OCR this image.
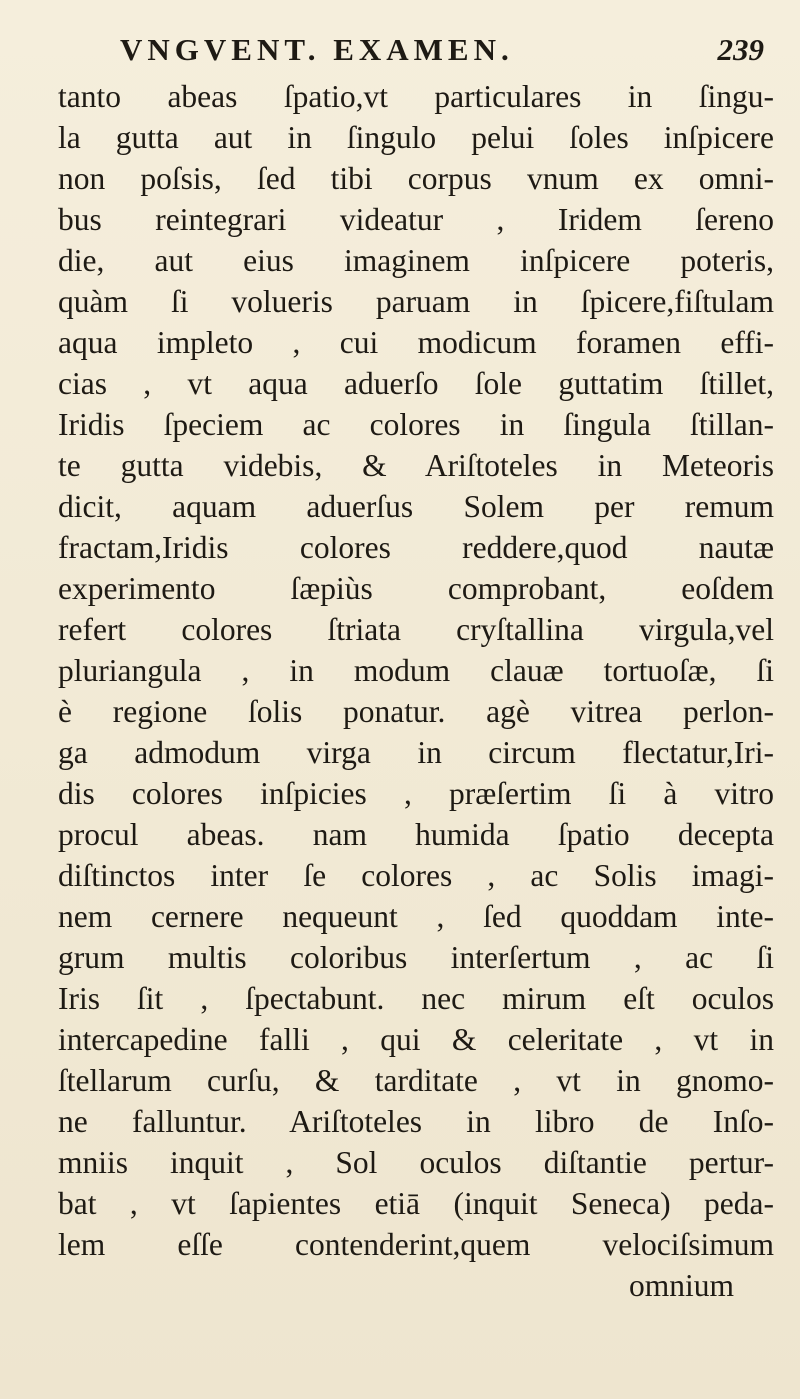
VNGVENT. EXAMEN.	239
tanto abeas ſpatio,vt particulares in ſingu-
la gutta aut in ſingulo pelui ſoles inſpicere
non poſsis, ſed tibi corpus vnum ex omni-
bus reintegrari videatur , Iridem ſereno
die, aut eius imaginem inſpicere poteris,
quàm ſi volueris paruam in ſpicere,fiſtulam
aqua impleto , cui modicum foramen effi-
cias , vt aqua aduerſo ſole guttatim ſtillet,
Iridis ſpeciem ac colores in ſingula ſtillan-
te gutta videbis, & Ariſtoteles in Meteoris
dicit, aquam aduerſus Solem per remum
fractam,Iridis colores reddere,quod nautæ
experimento ſæpiùs comprobant, eoſdem
refert colores ſtriata cryſtallina virgula,vel
pluriangula , in modum clauæ tortuoſæ, ſi
è regione ſolis ponatur. agè vitrea perlon-
ga admodum virga in circum flectatur,Iri-
dis colores inſpicies , præſertim ſi à vitro
procul abeas. nam humida ſpatio decepta
diſtinctos inter ſe colores , ac Solis imagi-
nem cernere nequeunt , ſed quoddam inte-
grum multis coloribus interſertum , ac ſi
Iris ſit , ſpectabunt. nec mirum eſt oculos
intercapedine falli , qui & celeritate , vt in
ſtellarum curſu, & tarditate , vt in gnomo-
ne falluntur. Ariſtoteles in libro de Inſo-
mniis inquit , Sol oculos diſtantie pertur-
bat , vt ſapientes etiā (inquit Seneca) peda-
lem eſſe contenderint,quem velociſsimum
omnium
